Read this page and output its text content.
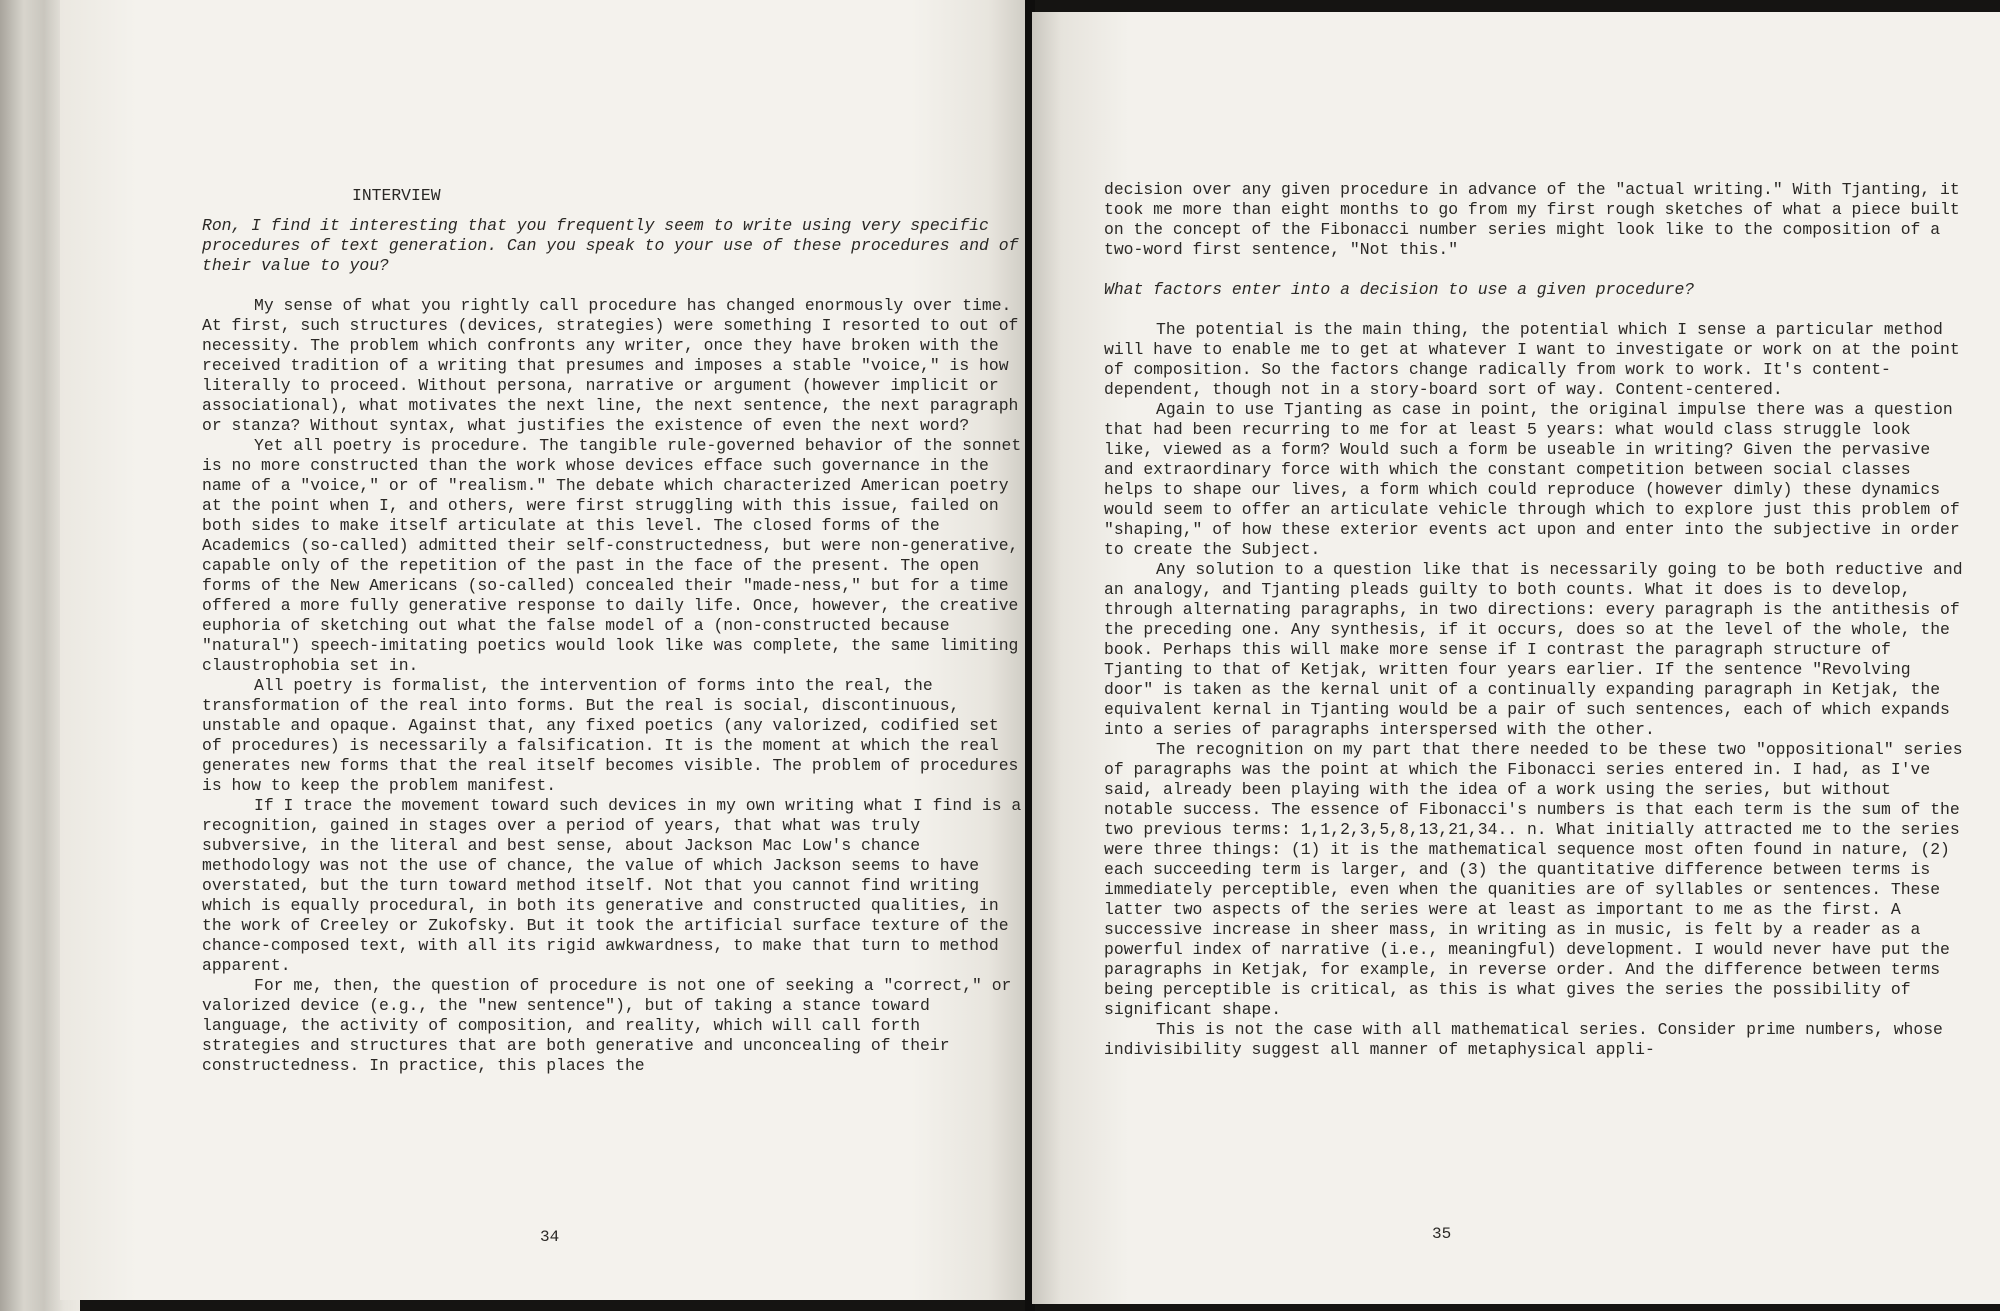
INTERVIEW
Ron, I find it interesting that you frequently seem to write using very specific procedures of text generation. Can you speak to your use of these procedures and of their value to you?

My sense of what you rightly call procedure has changed enormously over time. At first, such structures (devices, strategies) were something I resorted to out of necessity. The problem which confronts any writer, once they have broken with the received tradition of a writing that presumes and imposes a stable "voice," is how literally to proceed. Without persona, narrative or argument (however implicit or associational), what motivates the next line, the next sentence, the next paragraph or stanza? Without syntax, what justifies the existence of even the next word?

Yet all poetry is procedure. The tangible rule-governed behavior of the sonnet is no more constructed than the work whose devices efface such governance in the name of a "voice," or of "realism." The debate which characterized American poetry at the point when I, and others, were first struggling with this issue, failed on both sides to make itself articulate at this level. The closed forms of the Academics (so-called) admitted their self-constructedness, but were non-generative, capable only of the repetition of the past in the face of the present. The open forms of the New Americans (so-called) concealed their "made-ness," but for a time offered a more fully generative response to daily life. Once, however, the creative euphoria of sketching out what the false model of a (non-constructed because "natural") speech-imitating poetics would look like was complete, the same limiting claustrophobia set in.

All poetry is formalist, the intervention of forms into the real, the transformation of the real into forms. But the real is social, discontinuous, unstable and opaque. Against that, any fixed poetics (any valorized, codified set of procedures) is necessarily a falsification. It is the moment at which the real generates new forms that the real itself becomes visible. The problem of procedures is how to keep the problem manifest.

If I trace the movement toward such devices in my own writing what I find is a recognition, gained in stages over a period of years, that what was truly subversive, in the literal and best sense, about Jackson Mac Low's chance methodology was not the use of chance, the value of which Jackson seems to have overstated, but the turn toward method itself. Not that you cannot find writing which is equally procedural, in both its generative and constructed qualities, in the work of Creeley or Zukofsky. But it took the artificial surface texture of the chance-composed text, with all its rigid awkwardness, to make that turn to method apparent.

For me, then, the question of procedure is not one of seeking a "correct," or valorized device (e.g., the "new sentence"), but of taking a stance toward language, the activity of composition, and reality, which will call forth strategies and structures that are both generative and unconcealing of their constructedness. In practice, this places the

34

decision over any given procedure in advance of the "actual writing." With Tjanting, it took me more than eight months to go from my first rough sketches of what a piece built on the concept of the Fibonacci number series might look like to the composition of a two-word first sentence, "Not this."

What factors enter into a decision to use a given procedure?

The potential is the main thing, the potential which I sense a particular method will have to enable me to get at whatever I want to investigate or work on at the point of composition. So the factors change radically from work to work. It's content-dependent, though not in a story-board sort of way. Content-centered.

Again to use Tjanting as case in point, the original impulse there was a question that had been recurring to me for at least 5 years: what would class struggle look like, viewed as a form? Would such a form be useable in writing? Given the pervasive and extraordinary force with which the constant competition between social classes helps to shape our lives, a form which could reproduce (however dimly) these dynamics would seem to offer an articulate vehicle through which to explore just this problem of "shaping," of how these exterior events act upon and enter into the subjective in order to create the Subject.

Any solution to a question like that is necessarily going to be both reductive and an analogy, and Tjanting pleads guilty to both counts. What it does is to develop, through alternating paragraphs, in two directions: every paragraph is the antithesis of the preceding one. Any synthesis, if it occurs, does so at the level of the whole, the book. Perhaps this will make more sense if I contrast the paragraph structure of Tjanting to that of Ketjak, written four years earlier. If the sentence "Revolving door" is taken as the kernal unit of a continually expanding paragraph in Ketjak, the equivalent kernal in Tjanting would be a pair of such sentences, each of which expands into a series of paragraphs interspersed with the other.

The recognition on my part that there needed to be these two "oppositional" series of paragraphs was the point at which the Fibonacci series entered in. I had, as I've said, already been playing with the idea of a work using the series, but without notable success. The essence of Fibonacci's numbers is that each term is the sum of the two previous terms: 1,1,2,3,5,8,13,21,34.. n. What initially attracted me to the series were three things: (1) it is the mathematical sequence most often found in nature, (2) each succeeding term is larger, and (3) the quantitative difference between terms is immediately perceptible, even when the quanities are of syllables or sentences. These latter two aspects of the series were at least as important to me as the first. A successive increase in sheer mass, in writing as in music, is felt by a reader as a powerful index of narrative (i.e., meaningful) development. I would never have put the paragraphs in Ketjak, for example, in reverse order. And the difference between terms being perceptible is critical, as this is what gives the series the possibility of significant shape.

This is not the case with all mathematical series. Consider prime numbers, whose indivisibility suggest all manner of metaphysical appli-

35
